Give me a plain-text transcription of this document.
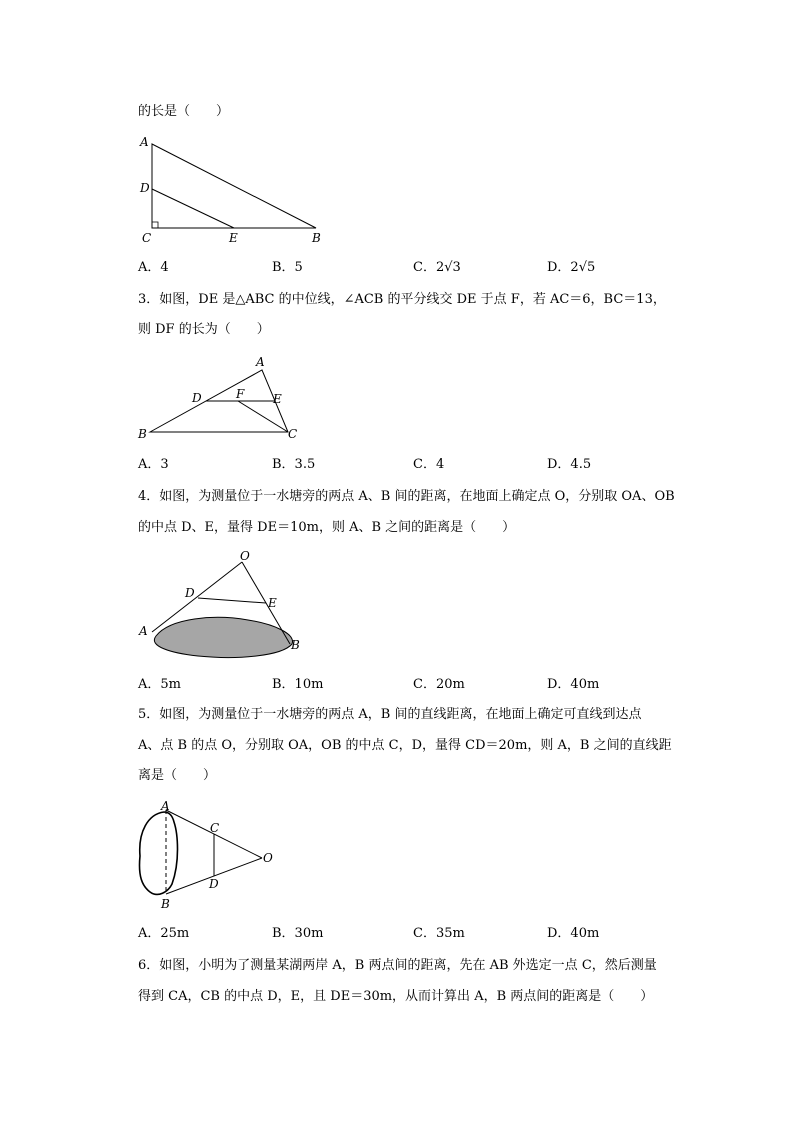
的长是（　　）
A
D
C	E	B
A．4	B．5	C．2√3	D．2√5
3．如图，DE 是△ABC 的中位线，∠ACB 的平分线交 DE 于点 F，若 AC＝6，BC＝13，
则 DF 的长为（　　）
A
D	F E
B	C
A．3	B．3.5	C．4	D．4.5
4．如图，为测量位于一水塘旁的两点 A、B 间的距离，在地面上确定点 O，分别取 OA、OB
的中点 D、E，量得 DE＝10m，则 A、B 之间的距离是（　　）
O
D
E
A
B
A．5m	B．10m	C．20m	D．40m
5．如图，为测量位于一水塘旁的两点 A，B 间的直线距离，在地面上确定可直线到达点
A、点 B 的点 O，分别取 OA，OB 的中点 C，D，量得 CD＝20m，则 A，B 之间的直线距
离是（　　）
A
C
O
D
B
A．25m	B．30m	C．35m	D．40m
6．如图，小明为了测量某湖两岸 A，B 两点间的距离，先在 AB 外选定一点 C，然后测量
得到 CA，CB 的中点 D，E，且 DE＝30m，从而计算出 A，B 两点间的距离是（　　）
